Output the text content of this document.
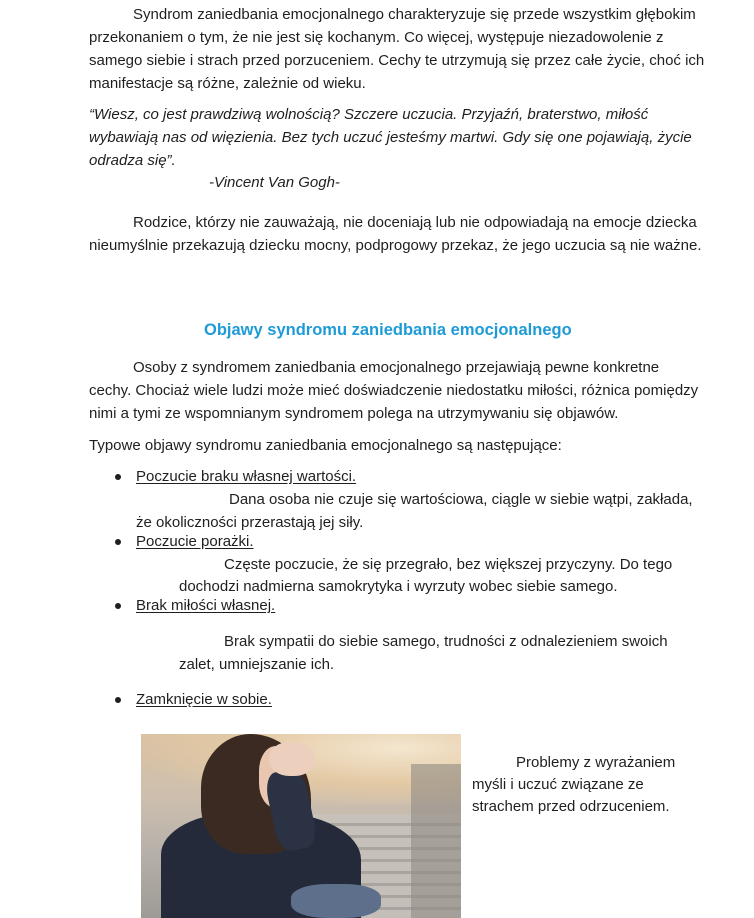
Syndrom zaniedbania emocjonalnego charakteryzuje się przede wszystkim głębokim
przekonaniem o tym, że nie jest się kochanym. Co więcej, występuje niezadowolenie z
samego siebie i strach przed porzuceniem. Cechy te utrzymują się przez całe życie, choć ich
manifestacje są różne, zależnie od wieku.
“Wiesz, co jest prawdziwą wolnością? Szczere uczucia. Przyjaźń, braterstwo, miłość
wybawiają nas od więzienia. Bez tych uczuć jesteśmy martwi. Gdy się one pojawiają, życie
odradza się”.
-Vincent Van Gogh-
Rodzice, którzy nie zauważają, nie doceniają lub nie odpowiadają na emocje dziecka
nieumyślnie przekazują dziecku mocny, podprogowy przekaz, że jego uczucia są nie ważne.
Objawy syndromu zaniedbania emocjonalnego
Osoby z syndromem zaniedbania emocjonalnego przejawiają pewne konkretne
cechy. Chociaż wiele ludzi może mieć doświadczenie niedostatku miłości, różnica pomiędzy
nimi a tymi ze wspomnianym syndromem polega na utrzymywaniu się objawów.
Typowe objawy syndromu zaniedbania emocjonalnego są następujące:
Poczucie braku własnej wartości.
Dana osoba nie czuje się wartościowa, ciągle w siebie wątpi, zakłada,
że okoliczności przerastają jej siły.
Poczucie porażki.
Częste poczucie, że się przegrało, bez większej przyczyny. Do tego
dochodzi nadmierna samokrytyka i wyrzuty wobec siebie samego.
Brak miłości własnej.
Brak sympatii do siebie samego, trudności z odnalezieniem swoich
zalet, umniejszanie ich.
Zamknięcie w sobie.
Problemy z wyrażaniem
myśli i uczuć związane ze
strachem przed odrzuceniem.
